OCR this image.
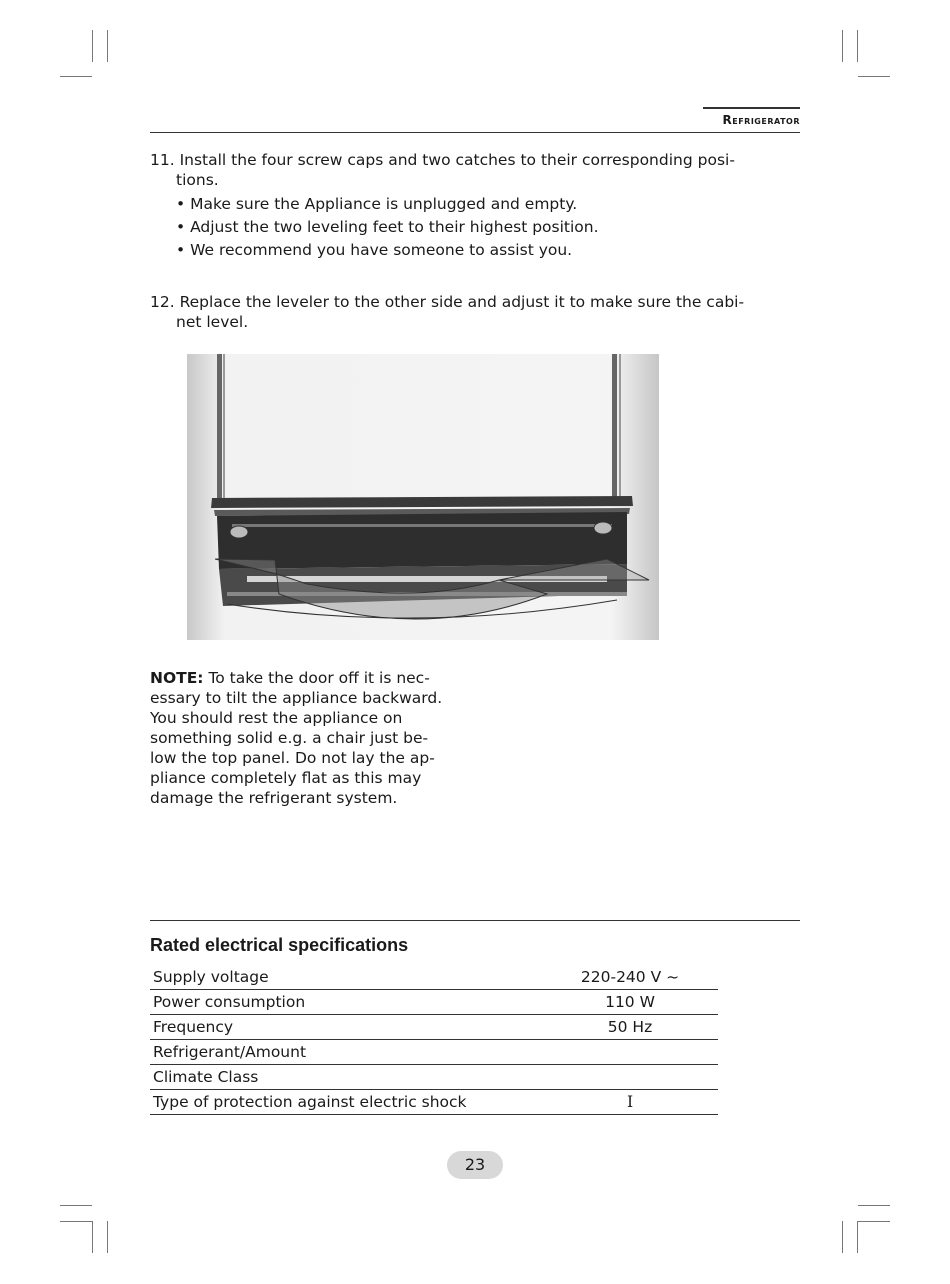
Refrigerator
11. Install the four screw caps and two catches to their corresponding posi-
tions.
• Make sure the Appliance is unplugged and empty.
• Adjust the two leveling feet to their highest position.
• We recommend you have someone to assist you.
12. Replace the leveler to the other side and adjust it to make sure the cabi-
net level.
NOTE: To take the door off it is nec-
essary to tilt the appliance backward.
You should rest the appliance on
something solid e.g. a chair just be-
low the top panel. Do not lay the ap-
pliance completely flat as this may
damage the refrigerant system.
Rated electrical specifications
Supply voltage	220-240 V ~
Power consumption	110 W
Frequency	50 Hz
Refrigerant/Amount	
Climate Class	
Type of protection against electric shock	I
23
